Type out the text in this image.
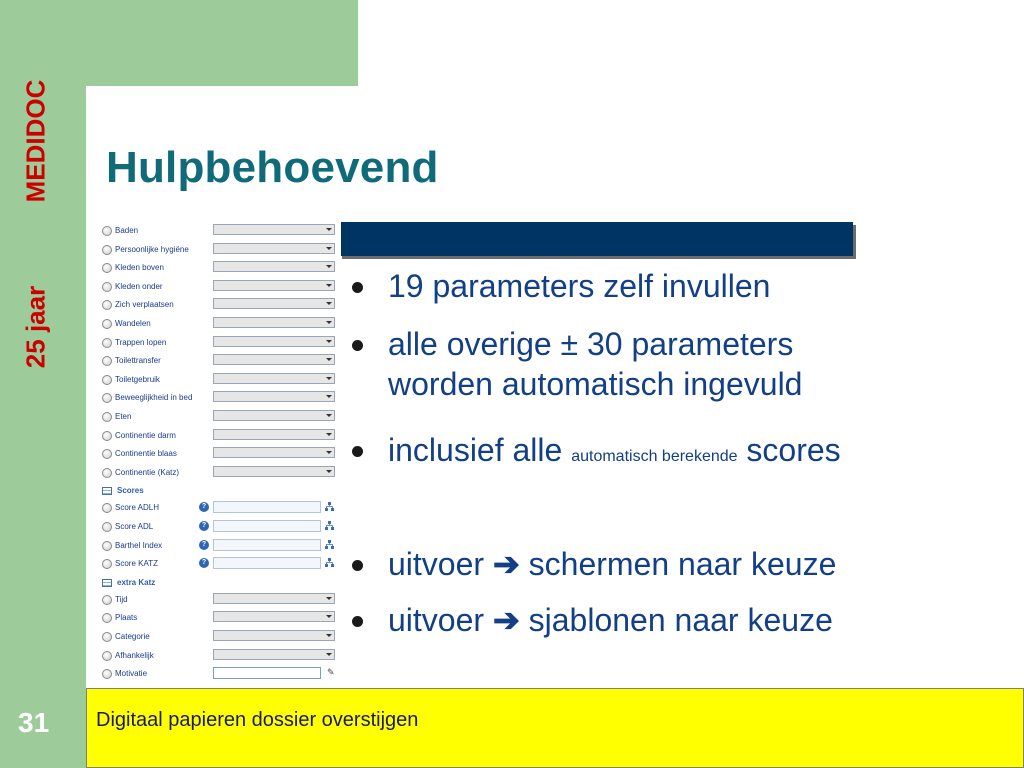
MEDIDOC
25 jaar
Hulpbehoevend
Baden
Persoonlijke hygiëne
Kleden boven
Kleden onder
Zich verplaatsen
Wandelen
Trappen lopen
Toilettransfer
Toiletgebruik
Beweeglijkheid in bed
Eten
Continentie darm
Continentie blaas
Continentie (Katz)
Scores
Score ADLH	?
Score ADL	?
Barthel Index	?
Score KATZ	?
extra Katz
Tijd
Plaats
Categorie
Afhankelijk
Motivatie	✎
19 parameters zelf invullen
alle overige ± 30 parameters
worden automatisch ingevuld
inclusief alle automatisch berekende scores
uitvoer ➔ schermen naar keuze
uitvoer ➔ sjablonen naar keuze
31 Digitaal papieren dossier overstijgen
